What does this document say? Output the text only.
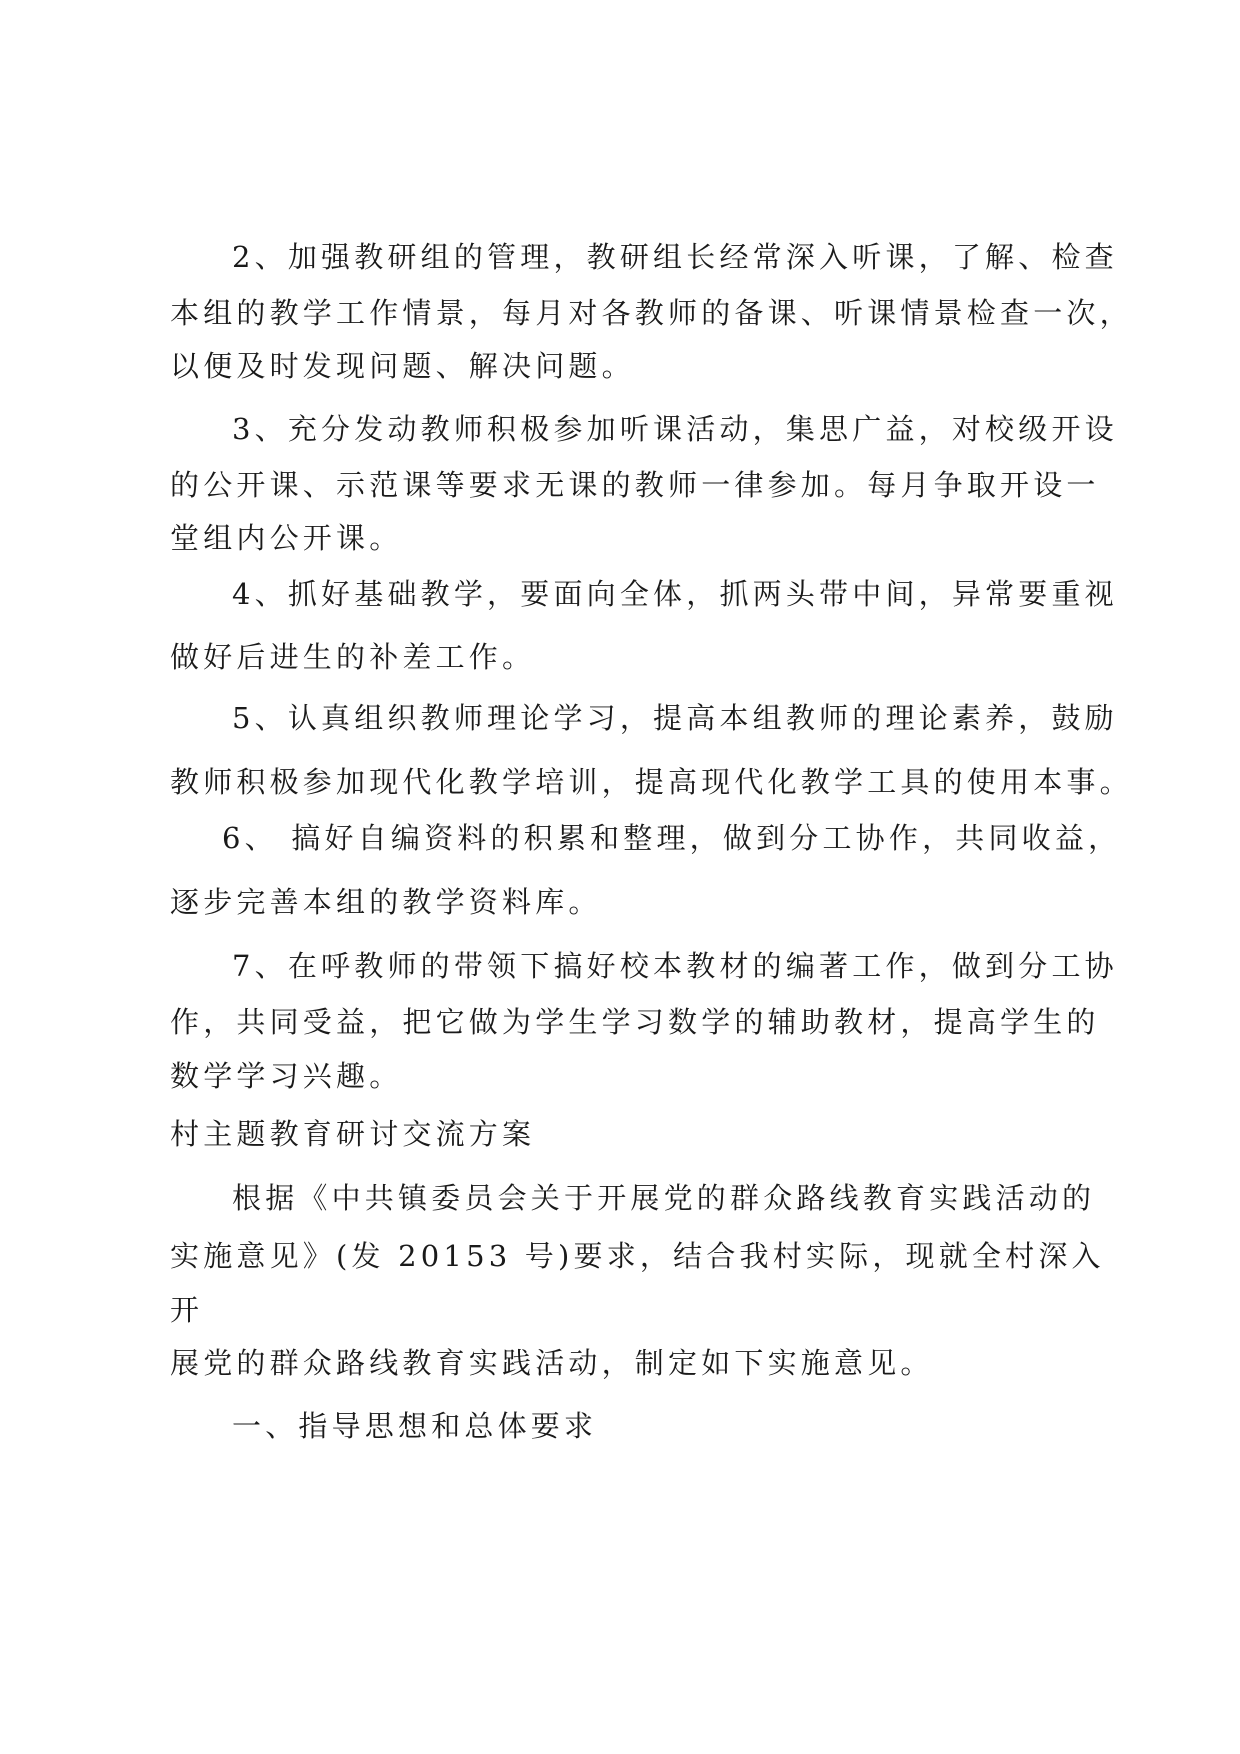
2、加强教研组的管理，教研组长经常深入听课，了解、检查
本组的教学工作情景，每月对各教师的备课、听课情景检查一次，
以便及时发现问题、解决问题。
3、充分发动教师积极参加听课活动，集思广益，对校级开设
的公开课、示范课等要求无课的教师一律参加。每月争取开设一
堂组内公开课。
4、抓好基础教学，要面向全体，抓两头带中间，异常要重视
做好后进生的补差工作。
5、认真组织教师理论学习，提高本组教师的理论素养，鼓励
教师积极参加现代化教学培训，提高现代化教学工具的使用本事。
6、 搞好自编资料的积累和整理，做到分工协作，共同收益，
逐步完善本组的教学资料库。
7、在呼教师的带领下搞好校本教材的编著工作，做到分工协
作，共同受益，把它做为学生学习数学的辅助教材，提高学生的
数学学习兴趣。
村主题教育研讨交流方案
根据《中共镇委员会关于开展党的群众路线教育实践活动的
实施意见》(发 20153 号)要求，结合我村实际，现就全村深入
开
展党的群众路线教育实践活动，制定如下实施意见。
一、指导思想和总体要求
